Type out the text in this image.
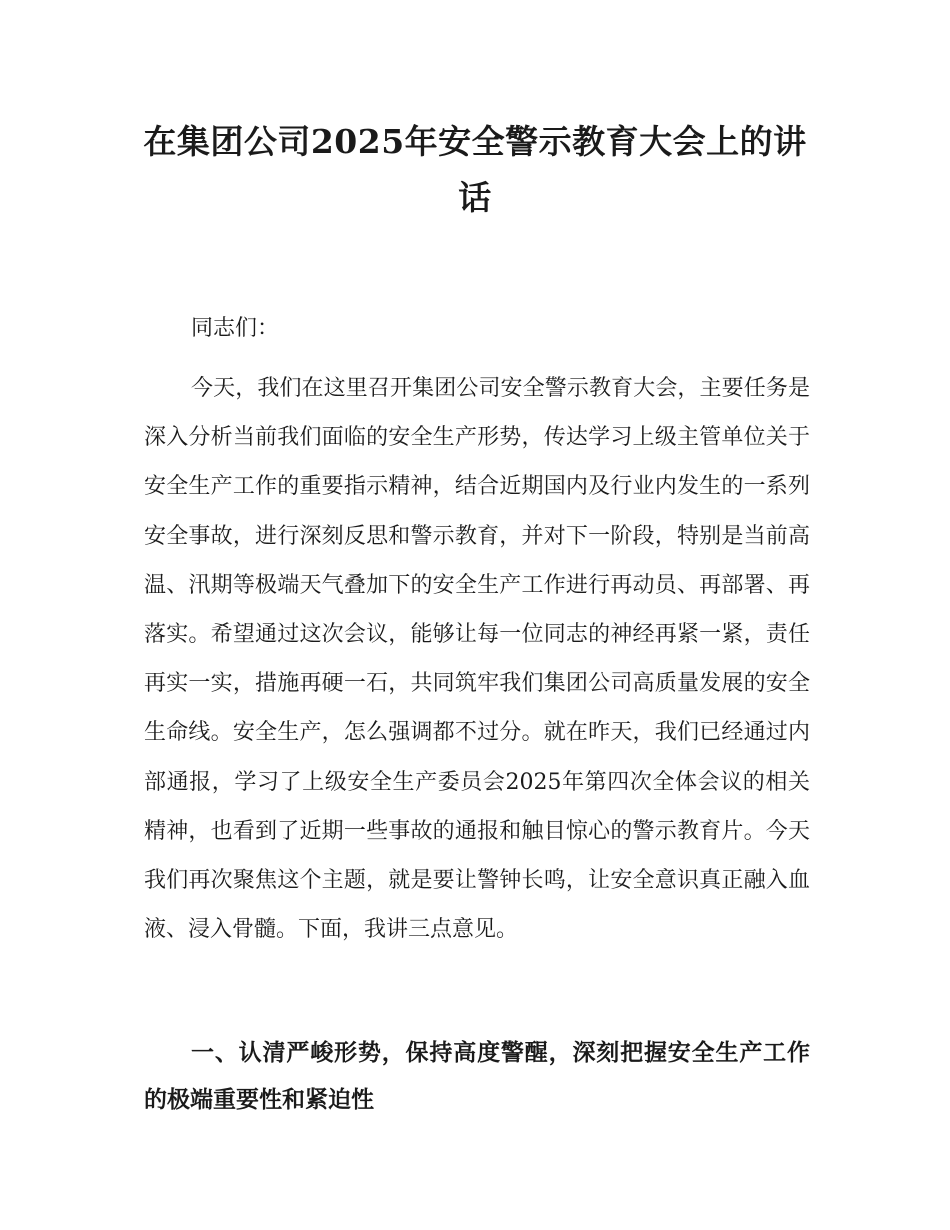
在集团公司2025年安全警示教育大会上的讲话

同志们：

今天，我们在这里召开集团公司安全警示教育大会，主要任务是深入分析当前我们面临的安全生产形势，传达学习上级主管单位关于安全生产工作的重要指示精神，结合近期国内及行业内发生的一系列安全事故，进行深刻反思和警示教育，并对下一阶段，特别是当前高温、汛期等极端天气叠加下的安全生产工作进行再动员、再部署、再落实。希望通过这次会议，能够让每一位同志的神经再紧一紧，责任再实一实，措施再硬一石，共同筑牢我们集团公司高质量发展的安全生命线。安全生产，怎么强调都不过分。就在昨天，我们已经通过内部通报，学习了上级安全生产委员会2025年第四次全体会议的相关精神，也看到了近期一些事故的通报和触目惊心的警示教育片。今天我们再次聚焦这个主题，就是要让警钟长鸣，让安全意识真正融入血液、浸入骨髓。下面，我讲三点意见。

一、认清严峻形势，保持高度警醒，深刻把握安全生产工作的极端重要性和紧迫性
